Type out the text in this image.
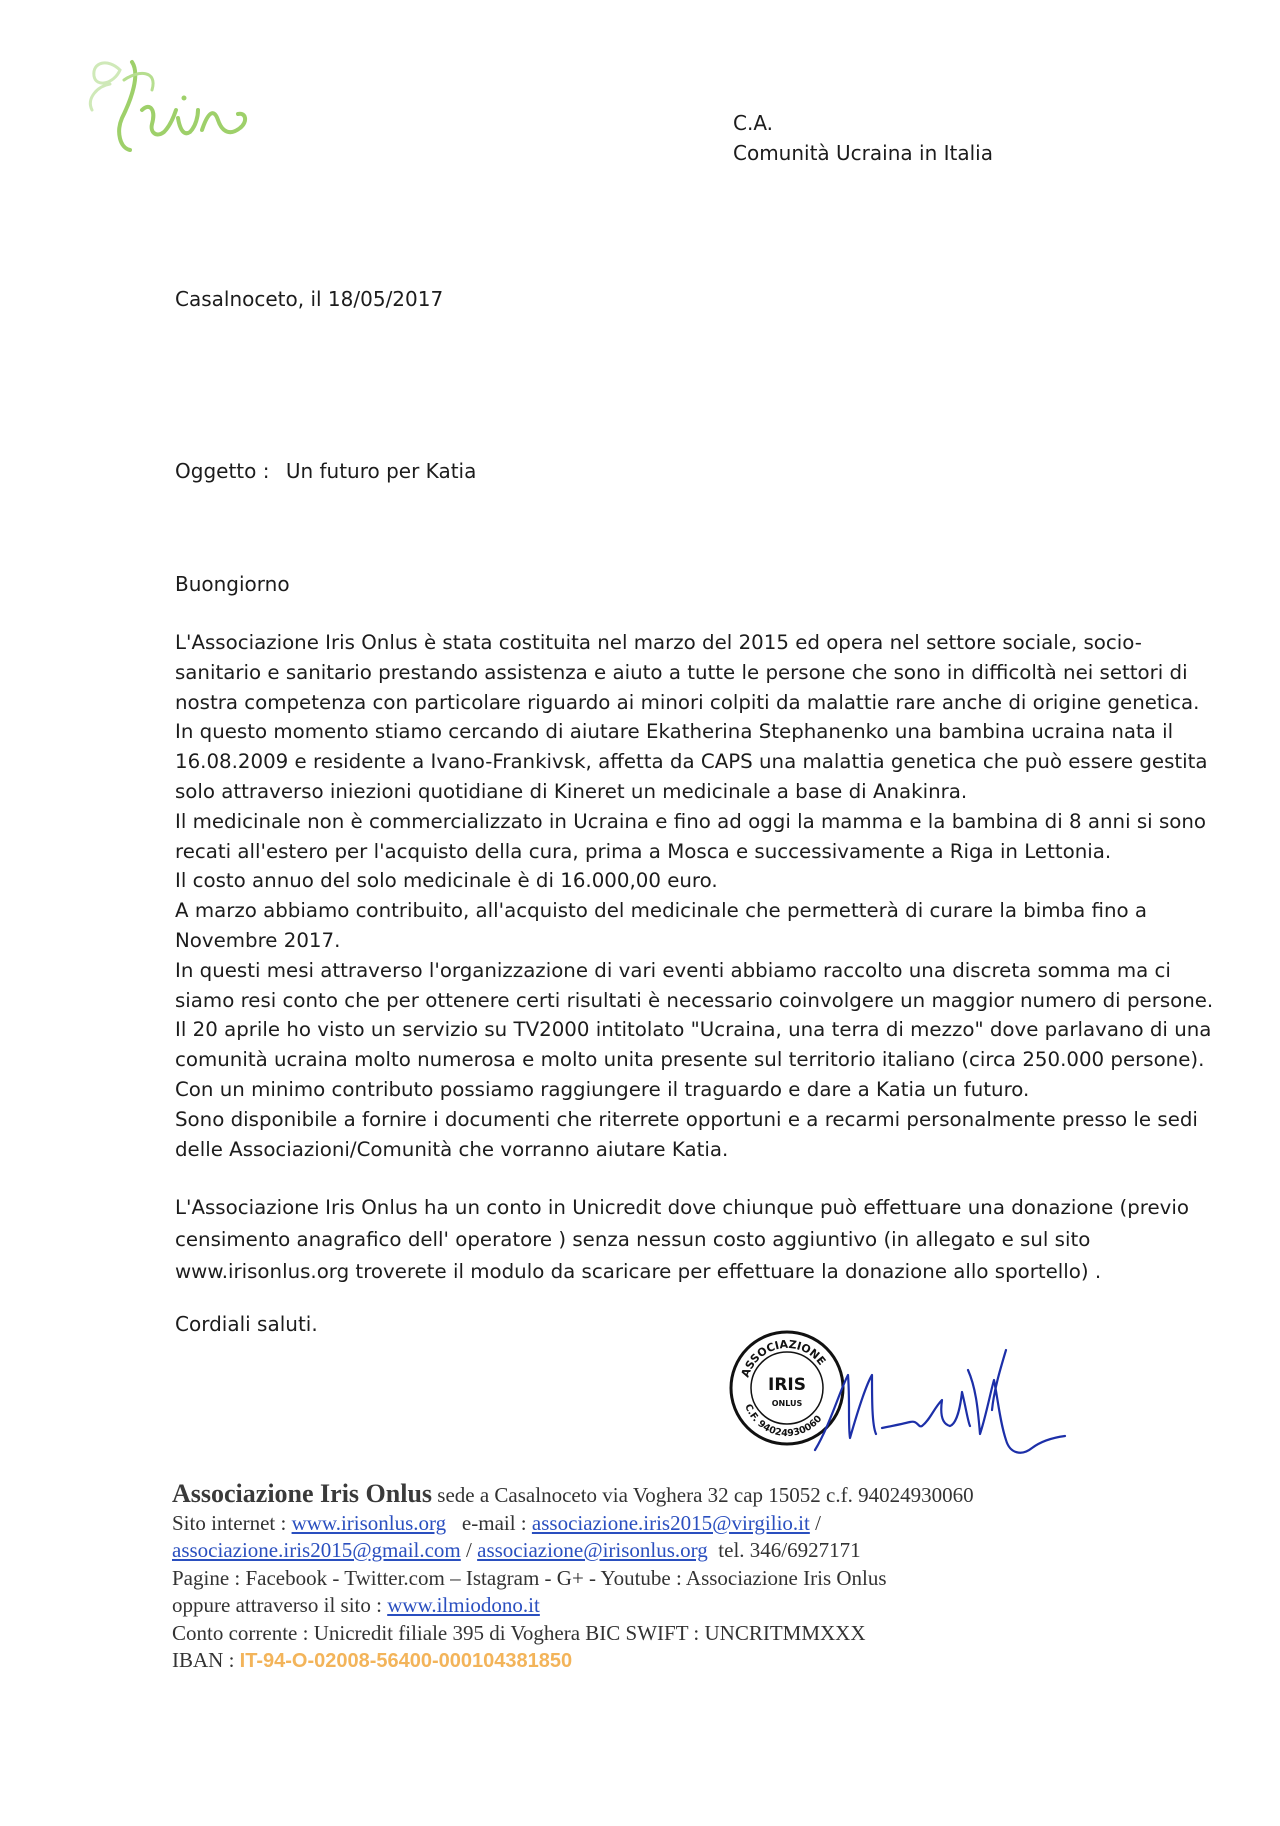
C.A.
Comunità Ucraina in Italia
Casalnoceto, il 18/05/2017
Oggetto : Un futuro per Katia
Buongiorno
L'Associazione Iris Onlus è stata costituita nel marzo del 2015 ed opera nel settore sociale, socio-
sanitario e sanitario prestando assistenza e aiuto a tutte le persone che sono in difficoltà nei settori di
nostra competenza con particolare riguardo ai minori colpiti da malattie rare anche di origine genetica.
In questo momento stiamo cercando di aiutare Ekatherina Stephanenko una bambina ucraina nata il
16.08.2009 e residente a Ivano-Frankivsk, affetta da CAPS una malattia genetica che può essere gestita
solo attraverso iniezioni quotidiane di Kineret un medicinale a base di Anakinra.
Il medicinale non è commercializzato in Ucraina e fino ad oggi la mamma e la bambina di 8 anni si sono
recati all'estero per l'acquisto della cura, prima a Mosca e successivamente a Riga in Lettonia.
Il costo annuo del solo medicinale è di 16.000,00 euro.
A marzo abbiamo contribuito, all'acquisto del medicinale che permetterà di curare la bimba fino a
Novembre 2017.
In questi mesi attraverso l'organizzazione di vari eventi abbiamo raccolto una discreta somma ma ci
siamo resi conto che per ottenere certi risultati è necessario coinvolgere un maggior numero di persone.
Il 20 aprile ho visto un servizio su TV2000 intitolato "Ucraina, una terra di mezzo" dove parlavano di una
comunità ucraina molto numerosa e molto unita presente sul territorio italiano (circa 250.000 persone).
Con un minimo contributo possiamo raggiungere il traguardo e dare a Katia un futuro.
Sono disponibile a fornire i documenti che riterrete opportuni e a recarmi personalmente presso le sedi
delle Associazioni/Comunità che vorranno aiutare Katia.
L'Associazione Iris Onlus ha un conto in Unicredit dove chiunque può effettuare una donazione (previo
censimento anagrafico dell' operatore ) senza nessun costo aggiuntivo (in allegato e sul sito
www.irisonlus.org troverete il modulo da scaricare per effettuare la donazione allo sportello) .
Cordiali saluti.
ASSOCIAZIONE
IRIS
ONLUS
C.F. 94024930060
Associazione Iris Onlus sede a Casalnoceto via Voghera 32 cap 15052 c.f. 94024930060
Sito internet : www.irisonlus.org   e-mail : associazione.iris2015@virgilio.it /
associazione.iris2015@gmail.com / associazione@irisonlus.org  tel. 346/6927171
Pagine : Facebook - Twitter.com – Istagram - G+ - Youtube : Associazione Iris Onlus
oppure attraverso il sito : www.ilmiodono.it
Conto corrente : Unicredit filiale 395 di Voghera BIC SWIFT : UNCRITMMXXX
IBAN : IT-94-O-02008-56400-000104381850
